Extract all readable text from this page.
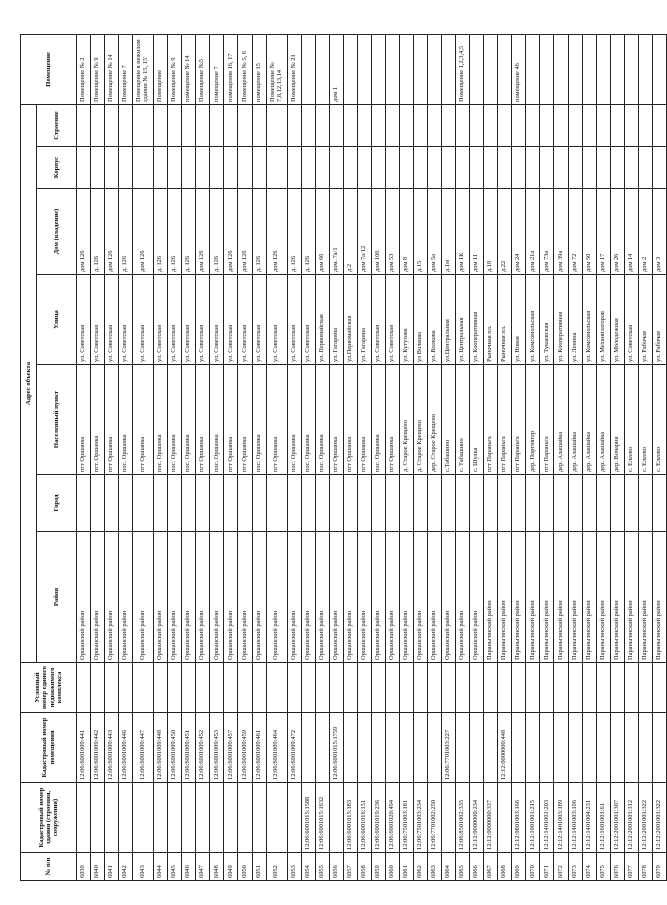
№ п/п	Кадастровый номер здания (строения, сооружения)	Кадастровый номер помещения	Условный номер единого недвижимого комплекса	Адрес объекта							Помещение
				Район	Город	Населенный пункт	Улица	Дом (владение)	Корпус	Строение	
6039		12:06:6001009:441		Оршанский район		пгт Оршанка	ул. Советская	дом 126			Помещение № 2
6040		12:06:6001009:442		Оршанский район		пгт. Оршанка	ул. Советская	д. 126			Помещение № 9
6041		12:06:6001009:443		Оршанский район		пгт Оршанка	ул. Советская	дом 126			Помещение № 14
6042		12:06:6001009:446		Оршанский район		пос. Оршанка	ул. Советская	д. 126			Помещение 7
6043		12:06:6001009:447		Оршанский район		пгт Оршанка	ул. Советская	дом 126			Помещение в нежилом здании № 15, 15'
6044		12:06:6001009:448		Оршанский район		пос. Оршанка	ул. Советская	д. 126			Помещение
6045		12:06:6001009:450		Оршанский район		пос. Оршанка	ул. Советская	д. 126			Помещение № 9
6046		12:06:6001009:451		Оршанский район		пос. Оршанка	ул. Советская	д. 126			помещение № 14
6047		12:06:6001009:452		Оршанский район		пгт Оршанка	ул. Советская	дом 126			Помещение №5
6048		12:06:6001009:453		Оршанский район		пос. Оршанка	ул. Советская	д. 126			помещение 7
6049		12:06:6001009:457		Оршанский район		пгт Оршанка	ул. Советская	дом 126			помещения 16, 17
6050		12:06:6001009:459		Оршанский район		пгт Оршанка	ул. Советская	дом 126			Помещение № 5, 6
6051		12:06:6001009:461		Оршанский район		пос. Оршанка	ул. Советская	д. 126			помещение 15
6052		12:06:6001009:464		Оршанский район		пгт Оршанка	ул. Советская	дом 126			Помещение № 7,8,12,13,14
6053		12:06:6001009:472		Оршанский район		пос. Оршанка	ул. Советская	д. 126			Помещение № 21
6054	12:06:6001015:1588			Оршанский район		пос. Оршанка	ул. Советская	д. 126			
6055	12:06:6001015:1632			Оршанский район		пос. Оршанка	ул. Первомайская	дом 66			
6056		12:06:6001015:1759		Оршанский район		пгт Оршанка	ул. Гагарина	дом. 7а/1			дом 1
6057	12:06:6001015:183			Оршанский район		пгт Оршанка	ул.Первомайская	д.2			
6058	12:06:6001016:151			Оршанский район		пгт Оршанка	ул. Гагарина	дом 7а/12			
6059	12:06:6001019:236			Оршанский район		пос. Оршанка	ул. Советская	дом 106			
6060	12:06:6001020:494			Оршанский район		пгт Оршанка	ул. Советская	дом 53			
6061	12:06:7501003:181			Оршанский район		д. Старое Крещено	ул. Кутузова	дом 8			
6062	12:06:7501003:234			Оршанский район		д. Старое Крещено	ул Волкова	д.15			
6063	12:06:7701002:250			Оршанский район		дер. Старое Крещено	ул. Волкова	дом 5а			
6064		12:06:7701003:227		Оршанский район		с.Табашино	ул.Центральная	д.1м			
6065	12:06:8501002:335			Оршанский район		с. Табашино	ул. Центральная	дом 1К			Помещение 1,2,3,4,5
6066	12:12:0000000:234			Оршанский район		с. Шулка	ул. Кооперативная	дом 11			
6067	12:12:0000000:337			Параньгинский район		пгт Параньга	Рыночная пл.	д.18			
6068		12:12:0000000:448		Параньгинский район		пгт Параньга	Рыночная пл.	д.22			
6069	12:12:0801003:166			Параньгинский район		пгт Параньга	ул. Новая	дом 24			помещение 46
6070	12:12:1001001:215			Параньгинский район		дер. Портнягер	ул. Комсомольская	дом 21а			
6071	12:12:1401001:203			Параньгинский район		пгт Параньга	ул. Тукаевская	дом 73а			
6072	12:12:1401003:189			Параньгинский район		дер. Алашайка	ул. Кооперативная	дом 39а			
6073	12:12:1401003:196			Параньгинский район		дер. Алашайка	ул. Ленина	дом 72			
6074	12:12:1401004:231			Параньгинский район		дер. Алашайка	ул. Комсомольская	дом 50			
6075	12:12:1601001:61			Параньгинский район		дер. Алашайка	ул. Механизаторов	дом 17			
6076	12:12:2001001:307			Параньгинский район		дер. Вочарня	ул. Молодежная	дом 26			
6077	12:12:2001001:312			Параньгинский район		с. Елеево	ул. Советская	дом 14			
6078	12:12:2001001:322			Параньгинский район		с. Елеево	ул. Рабочая	дом 2			
6079	12:12:2001001:322			Параньгинский район		с. Елеево	ул. Рабочая	дом 3			
